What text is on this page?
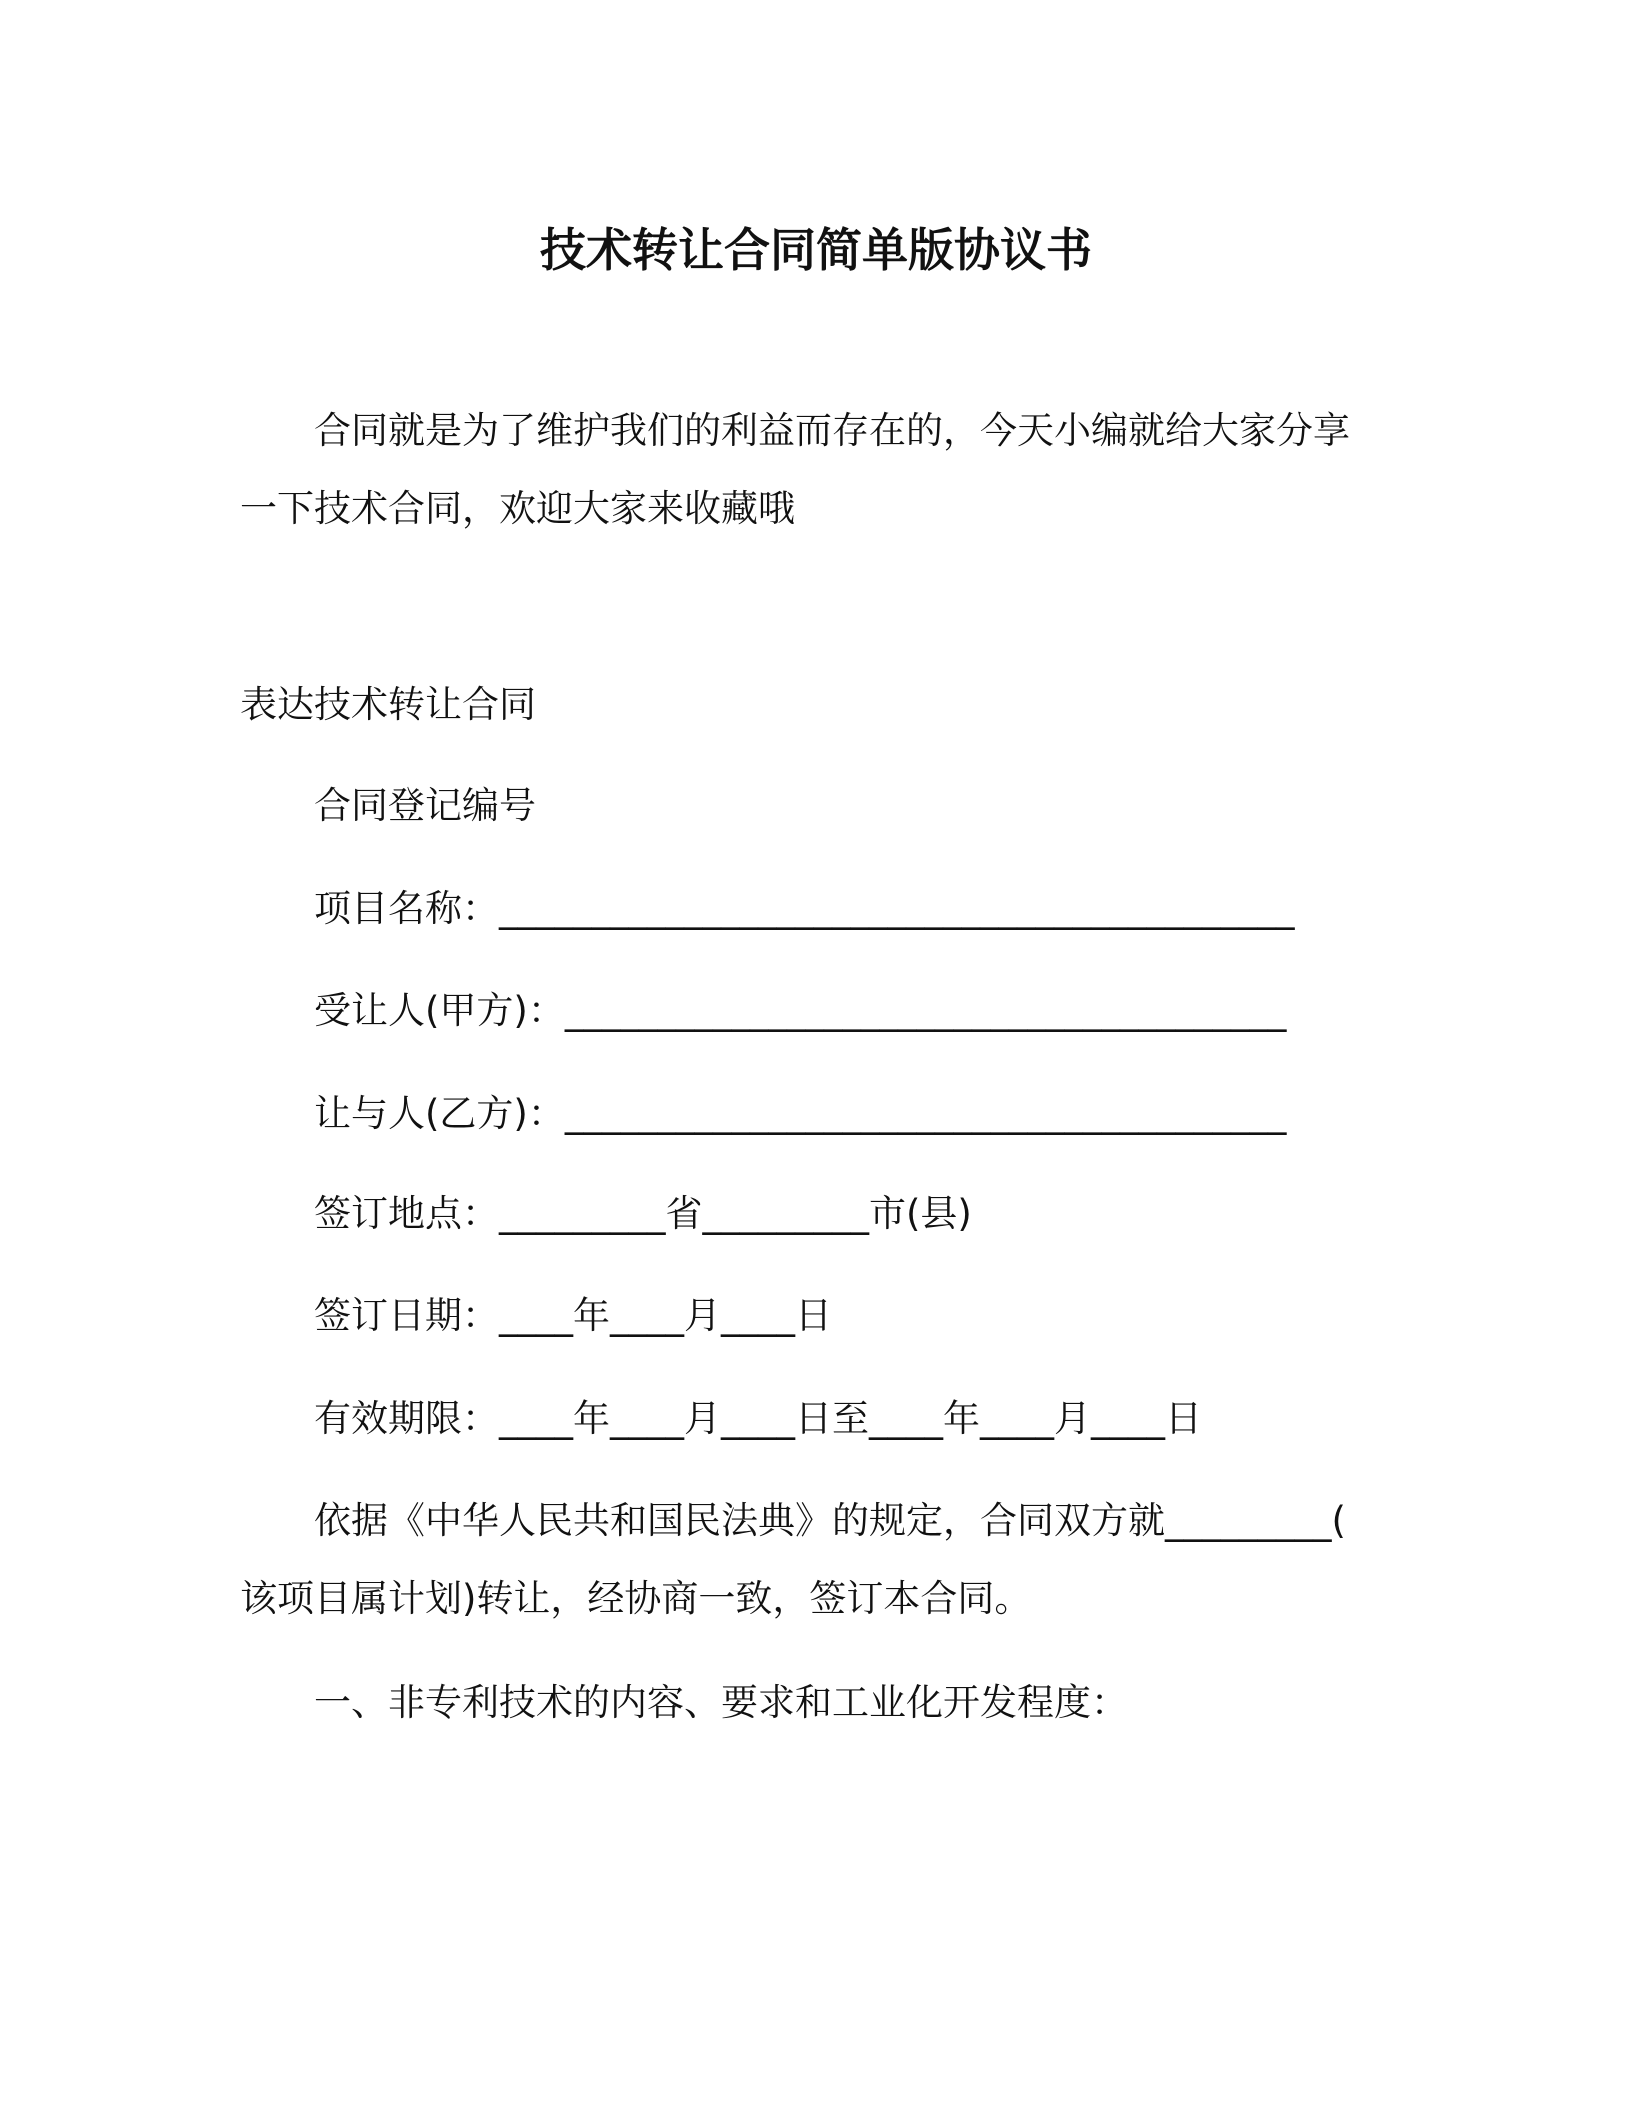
技术转让合同简单版协议书
合同就是为了维护我们的利益而存在的，今天小编就给大家分享
一下技术合同，欢迎大家来收藏哦
表达技术转让合同
合同登记编号
项目名称：___________________________________________
受让人(甲方)：_______________________________________
让与人(乙方)：_______________________________________
签订地点：_________省_________市(县)
签订日期：____年____月____日
有效期限：____年____月____日至____年____月____日
依据《中华人民共和国民法典》的规定，合同双方就_________(
该项目属计划)转让，经协商一致，签订本合同。
一、非专利技术的内容、要求和工业化开发程度：
